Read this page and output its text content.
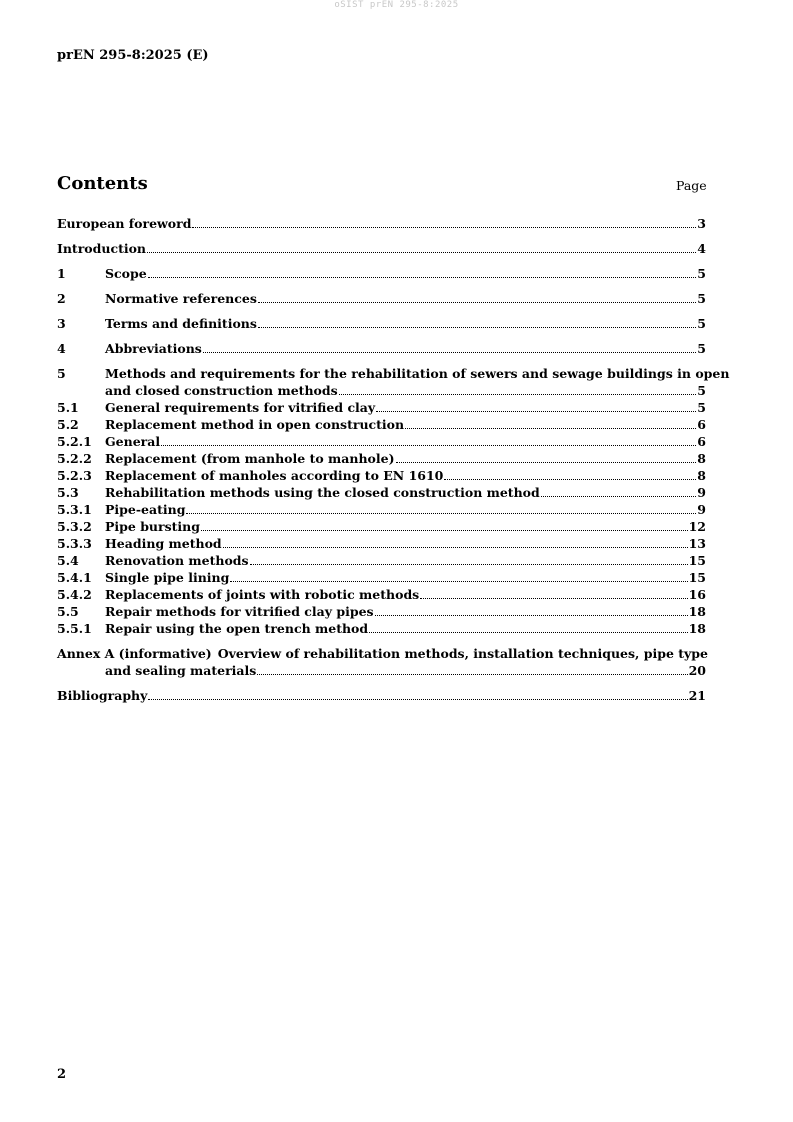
oSIST prEN 295-8:2025
prEN 295-8:2025 (E)
Contents	Page
European foreword	3
Introduction	4
1	Scope	5
2	Normative references	5
3	Terms and definitions	5
4	Abbreviations	5
5	Methods and requirements for the rehabilitation of sewers and sewage buildings in open
and closed construction methods	5
5.1	General requirements for vitrified clay	5
5.2	Replacement method in open construction	6
5.2.1	General	6
5.2.2	Replacement (from manhole to manhole)	8
5.2.3	Replacement of manholes according to EN 1610	8
5.3	Rehabilitation methods using the closed construction method	9
5.3.1	Pipe-eating	9
5.3.2	Pipe bursting	12
5.3.3	Heading method	13
5.4	Renovation methods	15
5.4.1	Single pipe lining	15
5.4.2	Replacements of joints with robotic methods	16
5.5	Repair methods for vitrified clay pipes	18
5.5.1	Repair using the open trench method	18
Annex A (informative) Overview of rehabilitation methods, installation techniques, pipe type
and sealing materials	20
Bibliography	21
2
